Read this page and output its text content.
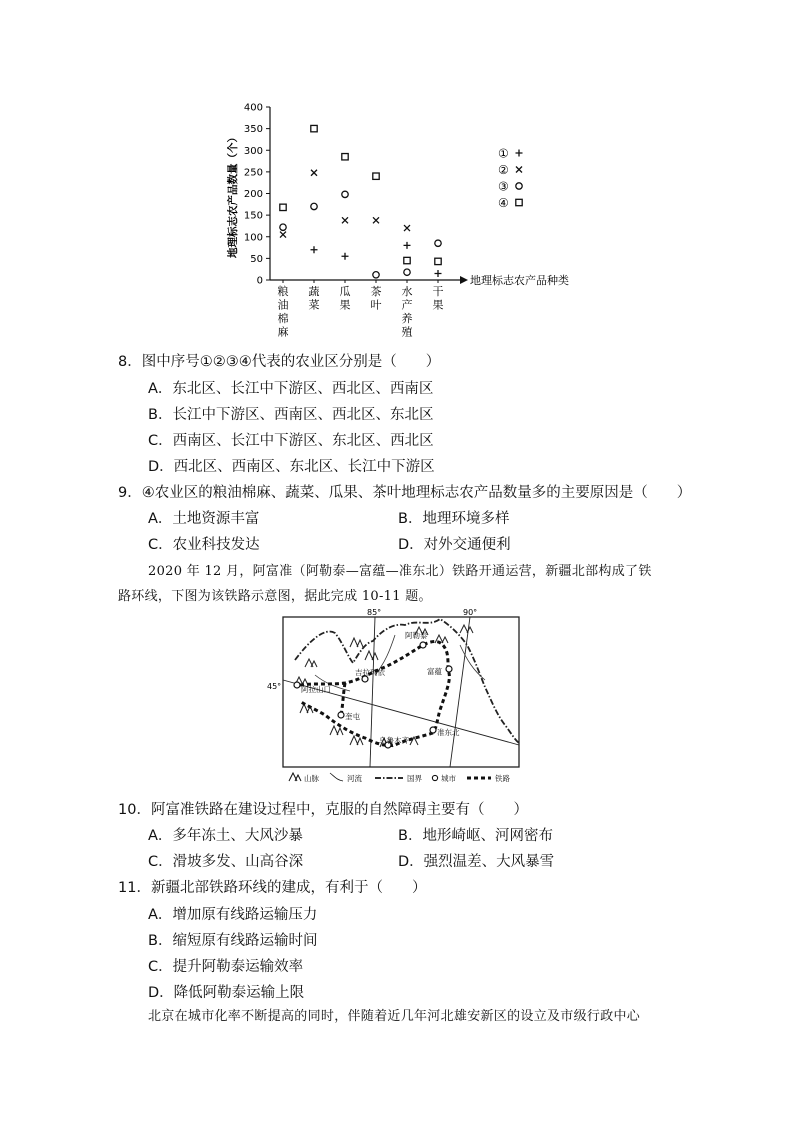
0
50
100
150
200
250
300
350
400
地理标志农产品数量（个）
地理标志农产品种类
粮油棉麻
蔬菜
瓜果
茶叶
水产养殖
干果
①
②
③
④
8．图中序号①②③④代表的农业区分别是（　　）
A．东北区、长江中下游区、西北区、西南区
B．长江中下游区、西南区、西北区、东北区
C．西南区、长江中下游区、东北区、西北区
D．西北区、西南区、东北区、长江中下游区
9．④农业区的粮油棉麻、蔬菜、瓜果、茶叶地理标志农产品数量多的主要原因是（　　）
A．土地资源丰富	B．地理环境多样
C．农业科技发达	D．对外交通便利
2020 年 12 月，阿富准（阿勒泰—富蕴—准东北）铁路开通运营，新疆北部构成了铁
路环线，下图为该铁路示意图，据此完成 10-11 题。
85°	90°
45°
阿勒泰
富蕴
吉拉玛依
阿拉山口
奎屯
乌鲁木齐
准东北
山脉	河流	国界	城市	铁路
10．阿富准铁路在建设过程中，克服的自然障碍主要有（　　）
A．多年冻土、大风沙暴	B．地形崎岖、河网密布
C．滑坡多发、山高谷深	D．强烈温差、大风暴雪
11．新疆北部铁路环线的建成，有利于（　　）
A．增加原有线路运输压力
B．缩短原有线路运输时间
C．提升阿勒泰运输效率
D．降低阿勒泰运输上限
北京在城市化率不断提高的同时，伴随着近几年河北雄安新区的设立及市级行政中心
